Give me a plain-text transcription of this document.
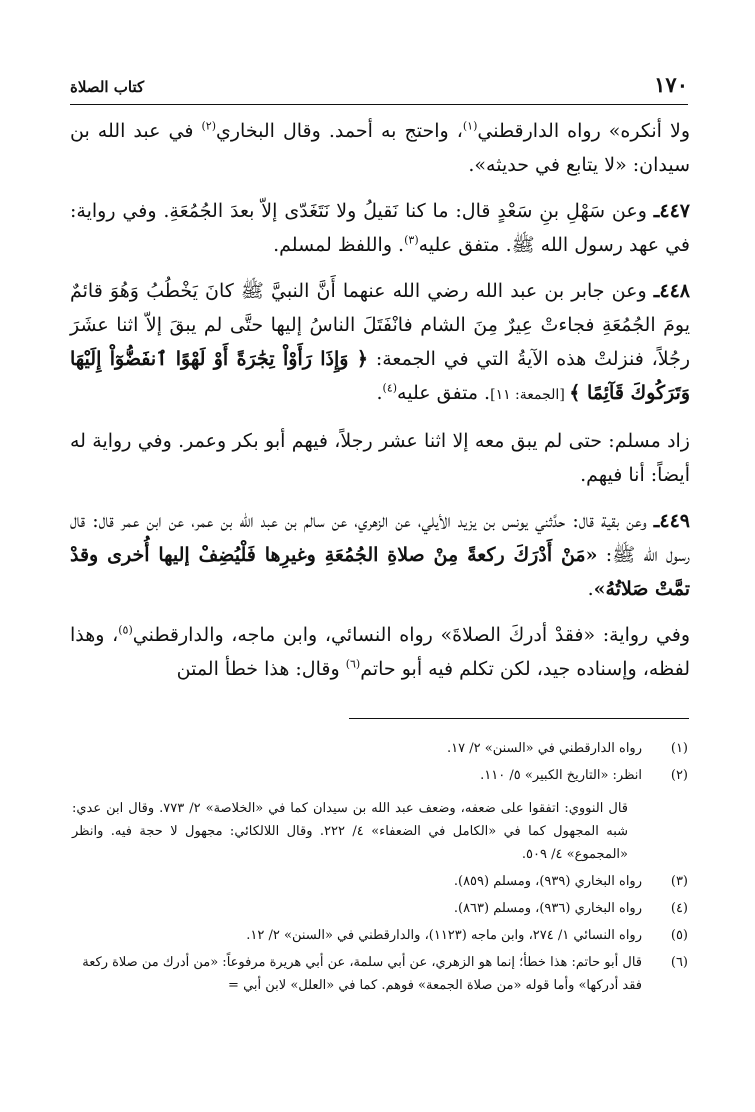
١٧٠
كتاب الصلاة

ولا أنكره» رواه الدارقطني$^{(١)}$، واحتج به أحمد. وقال البخاري$^{(٢)}$ في عبد الله بن سيدان: «لا يتابع في حديثه».

٤٤٧ـ وعن سَهْلِ بنِ سَعْدٍ قال: ما كنا نَقيلُ ولا نَتَغَدّى إلاّ بعدَ الجُمُعَةِ. وفي رواية: في عهد رسول الله ﷺ. متفق عليه$^{(٣)}$. واللفظ لمسلم.

٤٤٨ـ وعن جابر بن عبد الله رضي الله عنهما أَنَّ النبيَّ ﷺ كانَ يَخْطُبُ وَهُوَ قائمٌ يومَ الجُمُعَةِ فجاءتْ عِيرٌ مِنَ الشام فانْفَتَلَ الناسُ إليها حتَّى لم يبقَ إلاّ اثنا عشَرَ رجُلاً، فنزلتْ هذه الآيةُ التي في الجمعة: ﴿ وَإِذَا رَأَوْاْ تِجَٰرَةً أَوْ لَهْوًا ٱنفَضُّوٓاْ إِلَيْهَا وَتَرَكُوكَ قَآئِمًا ﴾ [الجمعة: ١١]. متفق عليه$^{(٤)}$.

زاد مسلم: حتى لم يبق معه إلا اثنا عشر رجلاً، فيهم أبو بكر وعمر. وفي رواية له أيضاً: أنا فيهم.

٤٤٩ـ وعن بقية قال: حدَّثني يونس بن يزيد الأيلي، عن الزهري، عن سالم بن عبد الله بن عمر، عن ابن عمر قال: قال رسول الله ﷺ: «مَنْ أَدْرَكَ ركعةً مِنْ صلاةِ الجُمُعَةِ وغيرِها فَلْيُضِفْ إليها أُخرى وقدْ تمَّتْ صَلاتُهُ».

وفي رواية: «فقدْ أدركَ الصلاةَ» رواه النسائي، وابن ماجه، والدارقطني$^{(٥)}$، وهذا لفظه، وإسناده جيد، لكن تكلم فيه أبو حاتم$^{(٦)}$ وقال: هذا خطأ المتن

(١)
رواه الدارقطني في «السنن» ٢/ ١٧.
(٢)
انظر: «التاريخ الكبير» ٥/ ١١٠.
قال النووي: اتفقوا على ضعفه، وضعف عبد الله بن سيدان كما في «الخلاصة» ٢/ ٧٧٣. وقال ابن عدي: شبه المجهول كما في «الكامل في الضعفاء» ٤/ ٢٢٢. وقال اللالكائي: مجهول لا حجة فيه. وانظر «المجموع» ٤/ ٥٠٩.
(٣)
رواه البخاري (٩٣٩)، ومسلم (٨٥٩).
(٤)
رواه البخاري (٩٣٦)، ومسلم (٨٦٣).
(٥)
رواه النسائي ١/ ٢٧٤، وابن ماجه (١١٢٣)، والدارقطني في «السنن» ٢/ ١٢.
(٦)
قال أبو حاتم: هذا خطأ؛ إنما هو الزهري، عن أبي سلمة، عن أبي هريرة مرفوعاً: «من أدرك من صلاة ركعة فقد أدركها» وأما قوله «من صلاة الجمعة» فوهم. كما في «العلل» لابن أبي =
